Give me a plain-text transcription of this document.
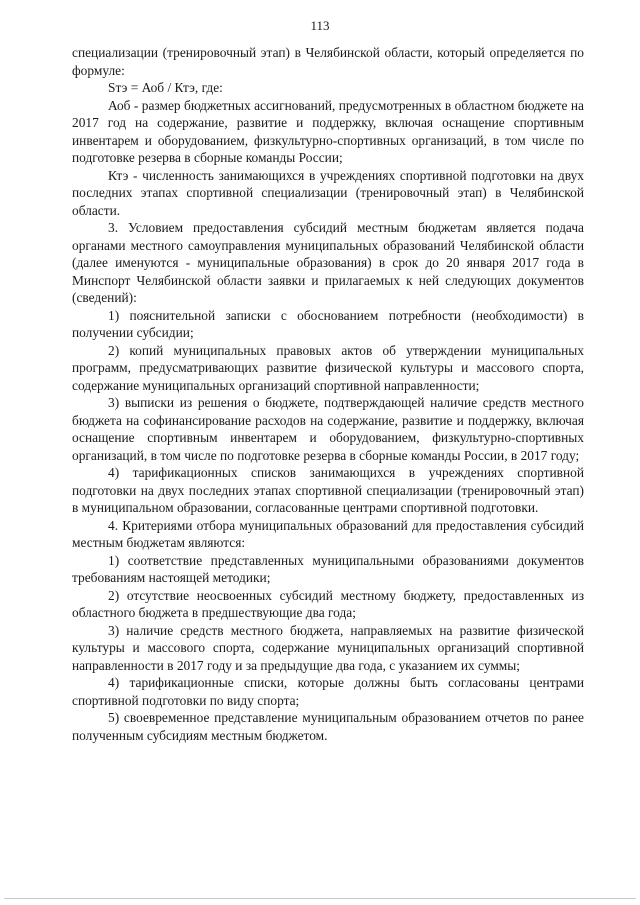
113

специализации (тренировочный этап) в Челябинской области, который определяется по формуле:

Sтэ = Аоб / Ктэ, где:

Аоб - размер бюджетных ассигнований, предусмотренных в областном бюджете на 2017 год на содержание, развитие и поддержку, включая оснащение спортивным инвентарем и оборудованием, физкультурно-спортивных организаций, в том числе по подготовке резерва в сборные команды России;

Ктэ - численность занимающихся в учреждениях спортивной подготовки на двух последних этапах спортивной специализации (тренировочный этап) в Челябинской области.

3. Условием предоставления субсидий местным бюджетам является подача органами местного самоуправления муниципальных образований Челябинской области (далее именуются - муниципальные образования) в срок до 20 января 2017 года в Минспорт Челябинской области заявки и прилагаемых к ней следующих документов (сведений):

1) пояснительной записки с обоснованием потребности (необходимости) в получении субсидии;

2) копий муниципальных правовых актов об утверждении муниципальных программ, предусматривающих развитие физической культуры и массового спорта, содержание муниципальных организаций спортивной направленности;

3) выписки из решения о бюджете, подтверждающей наличие средств местного бюджета на софинансирование расходов на содержание, развитие и поддержку, включая оснащение спортивным инвентарем и оборудованием, физкультурно-спортивных организаций, в том числе по подготовке резерва в сборные команды России, в 2017 году;

4) тарификационных списков занимающихся в учреждениях спортивной подготовки на двух последних этапах спортивной специализации (тренировочный этап) в муниципальном образовании, согласованные центрами спортивной подготовки.

4. Критериями отбора муниципальных образований для предоставления субсидий местным бюджетам являются:

1) соответствие представленных муниципальными образованиями документов требованиям настоящей методики;

2) отсутствие неосвоенных субсидий местному бюджету, предоставленных из областного бюджета в предшествующие два года;

3) наличие средств местного бюджета, направляемых на развитие физической культуры и массового спорта, содержание муниципальных организаций спортивной направленности в 2017 году и за предыдущие два года, с указанием их суммы;

4) тарификационные списки, которые должны быть согласованы центрами спортивной подготовки по виду спорта;

5) своевременное представление муниципальным образованием отчетов по ранее полученным субсидиям местным бюджетом.
